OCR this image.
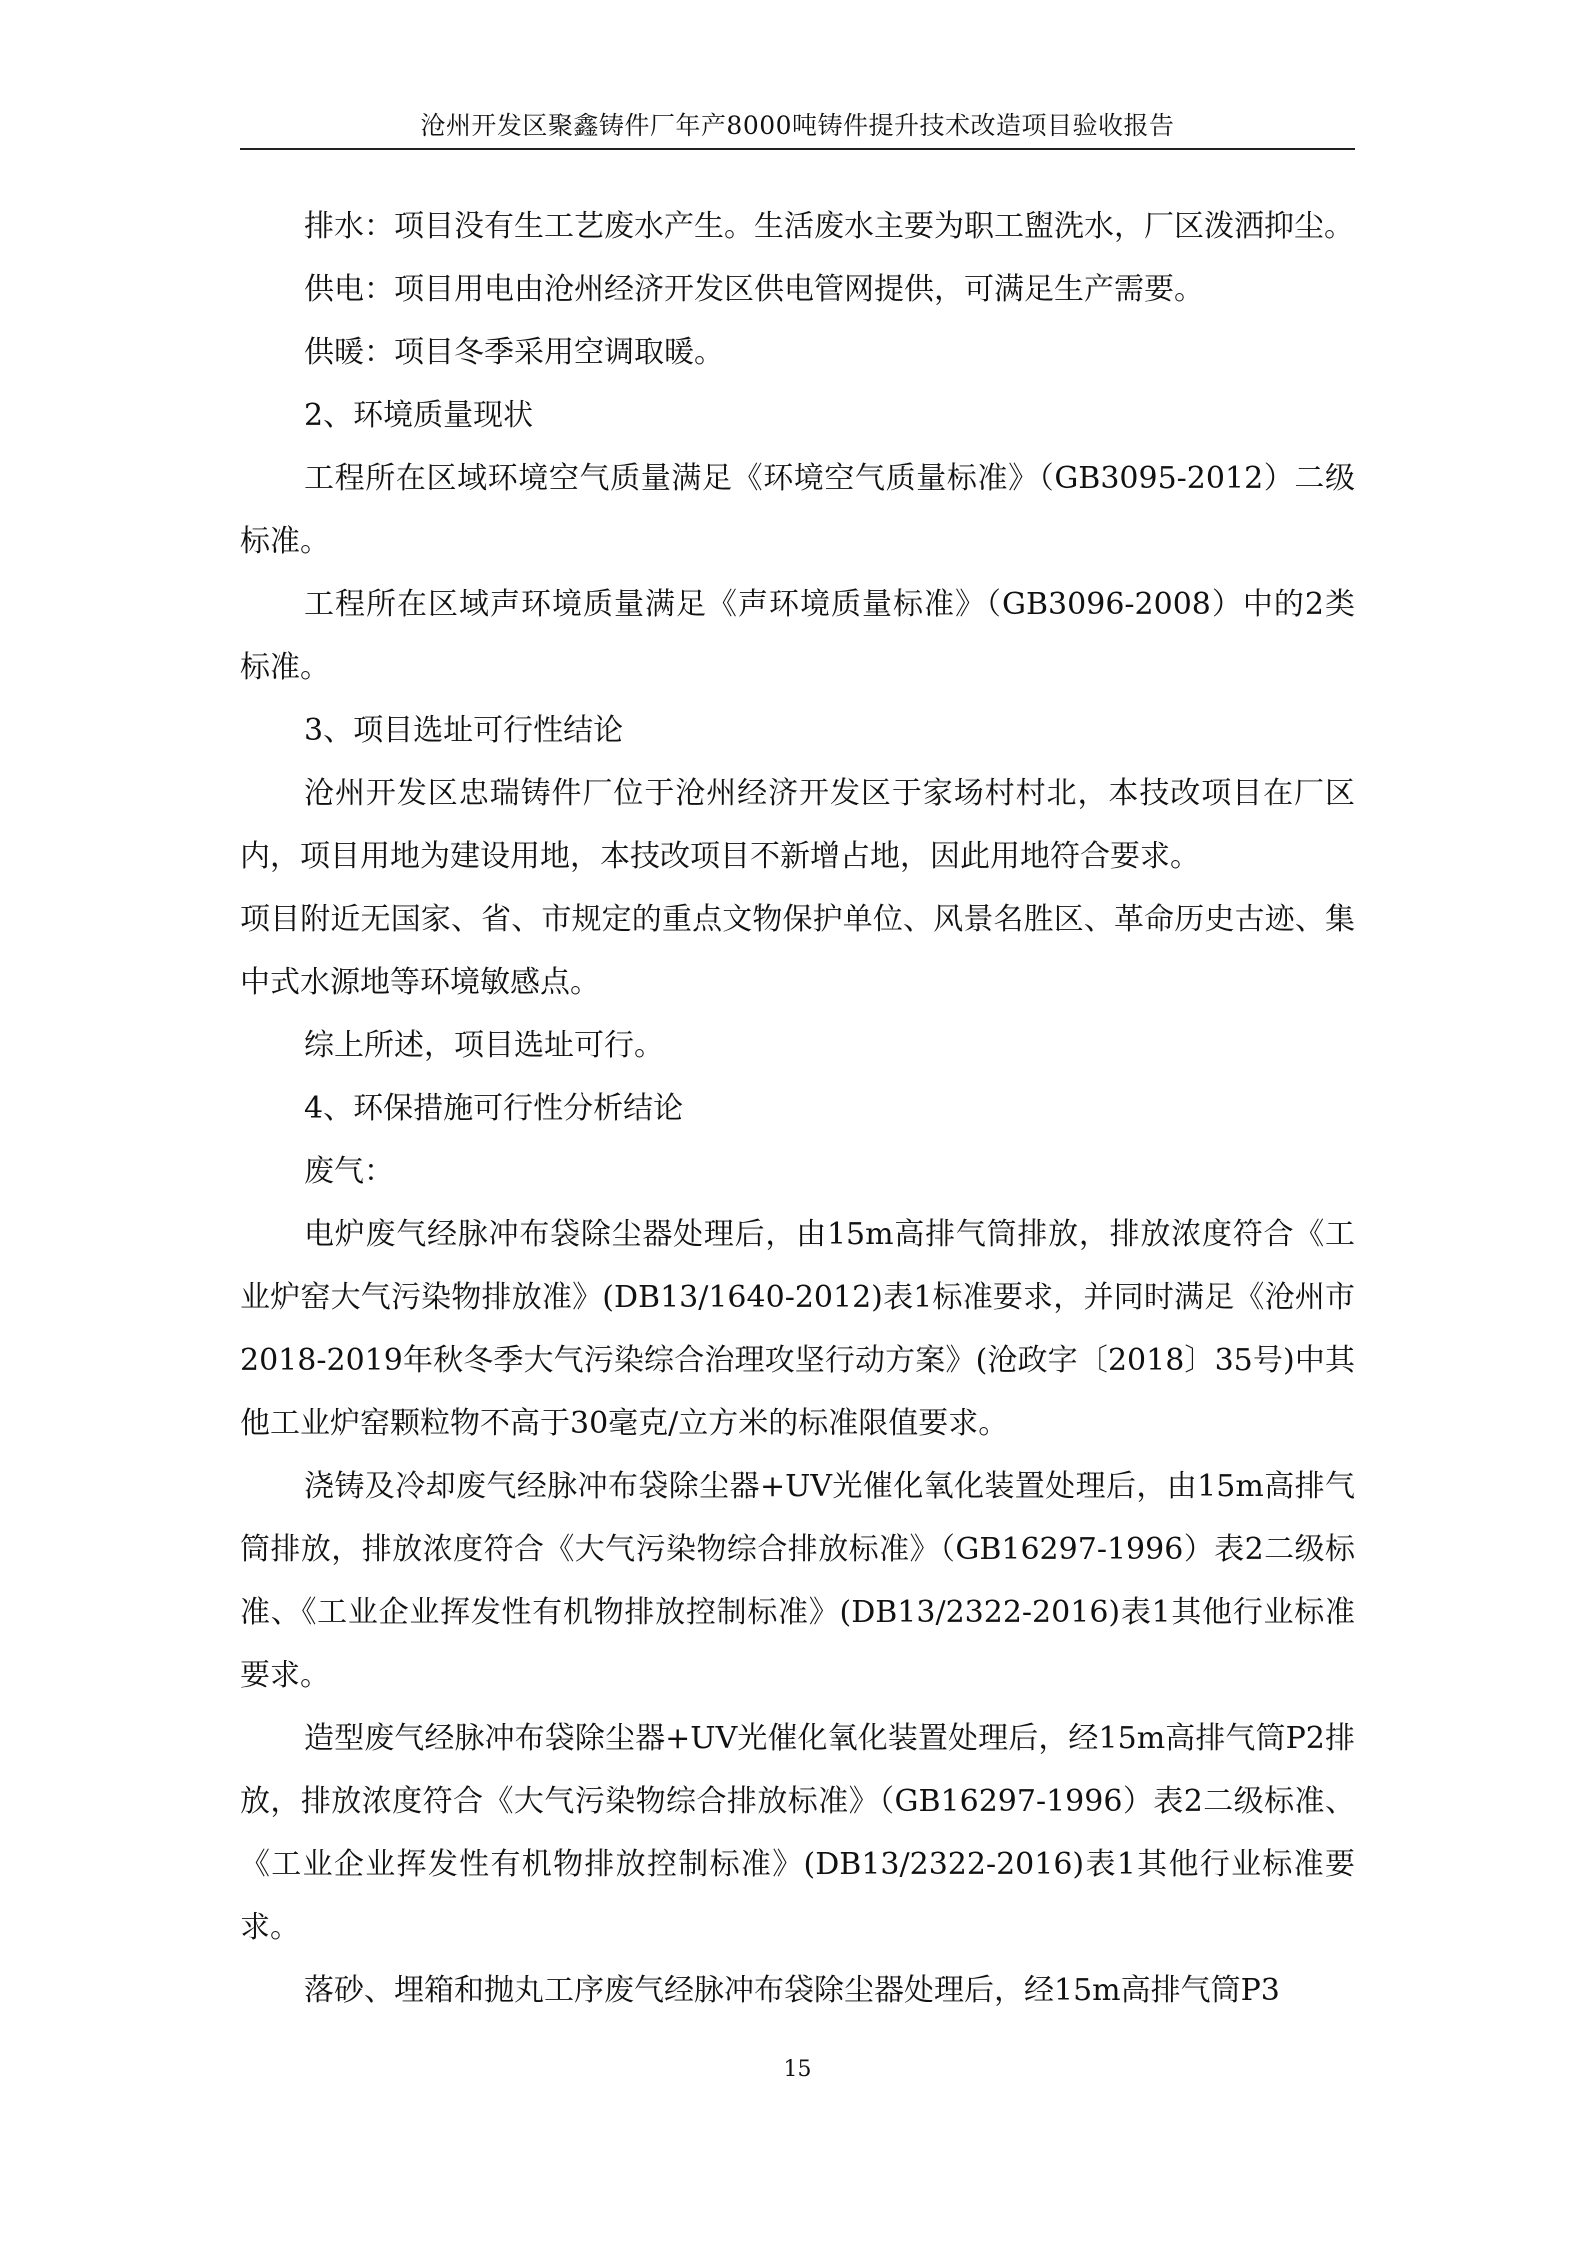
沧州开发区聚鑫铸件厂年产8000吨铸件提升技术改造项目验收报告

排水：项目没有生工艺废水产生。生活废水主要为职工盥洗水，厂区泼洒抑尘。

供电：项目用电由沧州经济开发区供电管网提供，可满足生产需要。

供暖：项目冬季采用空调取暖。

2、环境质量现状

工程所在区域环境空气质量满足《环境空气质量标准》（GB3095-2012）二级标准。

工程所在区域声环境质量满足《声环境质量标准》（GB3096-2008）中的2类标准。

3、项目选址可行性结论

沧州开发区忠瑞铸件厂位于沧州经济开发区于家场村村北，本技改项目在厂区内，项目用地为建设用地，本技改项目不新增占地，因此用地符合要求。

项目附近无国家、省、市规定的重点文物保护单位、风景名胜区、革命历史古迹、集中式水源地等环境敏感点。

综上所述，项目选址可行。

4、环保措施可行性分析结论

废气：

电炉废气经脉冲布袋除尘器处理后，由15m高排气筒排放，排放浓度符合《工业炉窑大气污染物排放准》(DB13/1640-2012)表1标准要求，并同时满足《沧州市2018-2019年秋冬季大气污染综合治理攻坚行动方案》(沧政字〔2018〕35号)中其他工业炉窑颗粒物不高于30毫克/立方米的标准限值要求。

浇铸及冷却废气经脉冲布袋除尘器+UV光催化氧化装置处理后，由15m高排气筒排放，排放浓度符合《大气污染物综合排放标准》（GB16297-1996）表2二级标准、《工业企业挥发性有机物排放控制标准》(DB13/2322-2016)表1其他行业标准要求。

造型废气经脉冲布袋除尘器+UV光催化氧化装置处理后，经15m高排气筒P2排放，排放浓度符合《大气污染物综合排放标准》（GB16297-1996）表2二级标准、《工业企业挥发性有机物排放控制标准》(DB13/2322-2016)表1其他行业标准要求。

落砂、埋箱和抛丸工序废气经脉冲布袋除尘器处理后，经15m高排气筒P3

15
